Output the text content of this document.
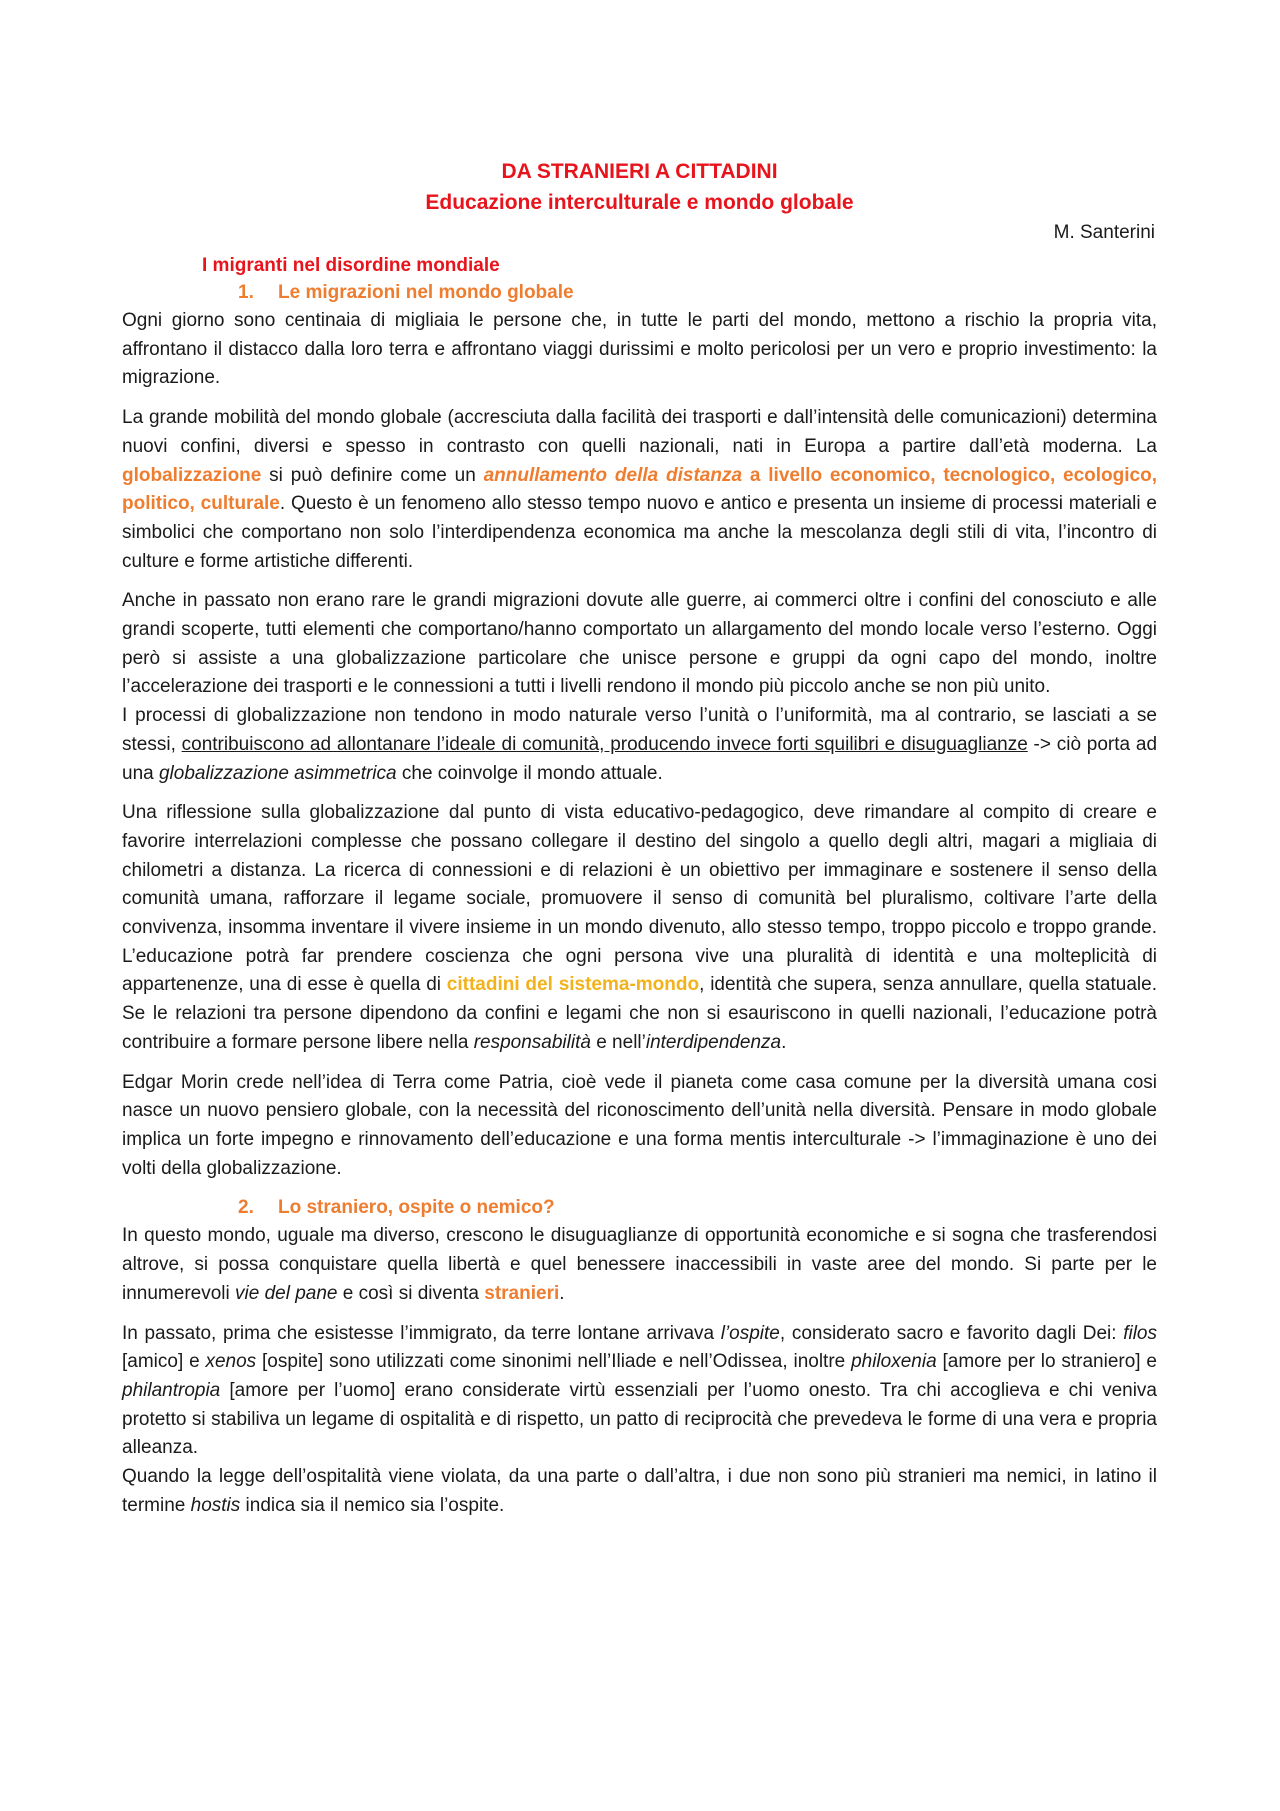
DA STRANIERI A CITTADINI
Educazione interculturale e mondo globale
M. Santerini
I migranti nel disordine mondiale
1. Le migrazioni nel mondo globale

Ogni giorno sono centinaia di migliaia le persone che, in tutte le parti del mondo, mettono a rischio la propria vita, affrontano il distacco dalla loro terra e affrontano viaggi durissimi e molto pericolosi per un vero e proprio investimento: la migrazione.

La grande mobilità del mondo globale (accresciuta dalla facilità dei trasporti e dall’intensità delle comunicazioni) determina nuovi confini, diversi e spesso in contrasto con quelli nazionali, nati in Europa a partire dall’età moderna. La globalizzazione si può definire come un annullamento della distanza a livello economico, tecnologico, ecologico, politico, culturale. Questo è un fenomeno allo stesso tempo nuovo e antico e presenta un insieme di processi materiali e simbolici che comportano non solo l’interdipendenza economica ma anche la mescolanza degli stili di vita, l’incontro di culture e forme artistiche differenti.

Anche in passato non erano rare le grandi migrazioni dovute alle guerre, ai commerci oltre i confini del conosciuto e alle grandi scoperte, tutti elementi che comportano/hanno comportato un allargamento del mondo locale verso l’esterno. Oggi però si assiste a una globalizzazione particolare che unisce persone e gruppi da ogni capo del mondo, inoltre l’accelerazione dei trasporti e le connessioni a tutti i livelli rendono il mondo più piccolo anche se non più unito.

I processi di globalizzazione non tendono in modo naturale verso l’unità o l’uniformità, ma al contrario, se lasciati a se stessi, contribuiscono ad allontanare l’ideale di comunità, producendo invece forti squilibri e disuguaglianze -> ciò porta ad una globalizzazione asimmetrica che coinvolge il mondo attuale.

Una riflessione sulla globalizzazione dal punto di vista educativo-pedagogico, deve rimandare al compito di creare e favorire interrelazioni complesse che possano collegare il destino del singolo a quello degli altri, magari a migliaia di chilometri a distanza. La ricerca di connessioni e di relazioni è un obiettivo per immaginare e sostenere il senso della comunità umana, rafforzare il legame sociale, promuovere il senso di comunità bel pluralismo, coltivare l’arte della convivenza, insomma inventare il vivere insieme in un mondo divenuto, allo stesso tempo, troppo piccolo e troppo grande. L’educazione potrà far prendere coscienza che ogni persona vive una pluralità di identità e una molteplicità di appartenenze, una di esse è quella di cittadini del sistema-mondo, identità che supera, senza annullare, quella statuale. Se le relazioni tra persone dipendono da confini e legami che non si esauriscono in quelli nazionali, l’educazione potrà contribuire a formare persone libere nella responsabilità e nell’interdipendenza.

Edgar Morin crede nell’idea di Terra come Patria, cioè vede il pianeta come casa comune per la diversità umana cosi nasce un nuovo pensiero globale, con la necessità del riconoscimento dell’unità nella diversità. Pensare in modo globale implica un forte impegno e rinnovamento dell’educazione e una forma mentis interculturale -> l’immaginazione è uno dei volti della globalizzazione.

2. Lo straniero, ospite o nemico?

In questo mondo, uguale ma diverso, crescono le disuguaglianze di opportunità economiche e si sogna che trasferendosi altrove, si possa conquistare quella libertà e quel benessere inaccessibili in vaste aree del mondo. Si parte per le innumerevoli vie del pane e così si diventa stranieri.

In passato, prima che esistesse l’immigrato, da terre lontane arrivava l’ospite, considerato sacro e favorito dagli Dei: filos [amico] e xenos [ospite] sono utilizzati come sinonimi nell’Iliade e nell’Odissea, inoltre philoxenia [amore per lo straniero] e philantropia [amore per l’uomo] erano considerate virtù essenziali per l’uomo onesto. Tra chi accoglieva e chi veniva protetto si stabiliva un legame di ospitalità e di rispetto, un patto di reciprocità che prevedeva le forme di una vera e propria alleanza.

Quando la legge dell’ospitalità viene violata, da una parte o dall’altra, i due non sono più stranieri ma nemici, in latino il termine hostis indica sia il nemico sia l’ospite.
